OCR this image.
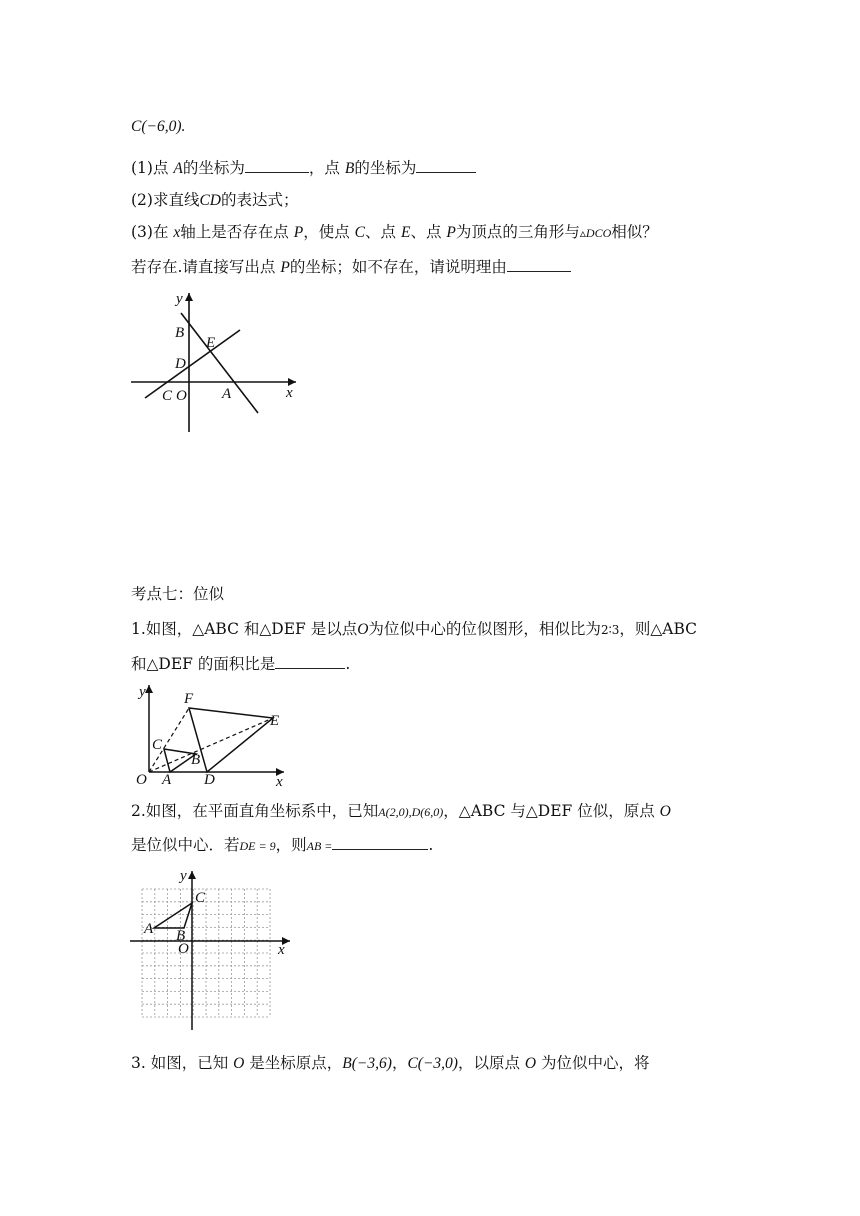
C(−6,0).
(1)点 A的坐标为	，点 B的坐标为
(2)求直线CD的表达式；
(3)在 x轴上是否存在点 P，使点 C、点 E、点 P为顶点的三角形与▵DCO相似？
若存在.请直接写出点 P的坐标；如不存在，请说明理由
y
x
B
E
D
C O A
考点七：位似
1.如图，△ABC 和△DEF 是以点O为位似中心的位似图形，相似比为2∶3，则△ABC
和△DEF 的面积比是	.
y
x
F
E
C
B
O A D
2.如图，在平面直角坐标系中，已知A(2,0),D(6,0)，△ABC 与△DEF 位似，原点 O
是位似中心．若DE = 9，则AB =	.
y
x
C
A B
O
3. 如图，已知 O 是坐标原点，B(−3,6)，C(−3,0)，以原点 O 为位似中心，将
